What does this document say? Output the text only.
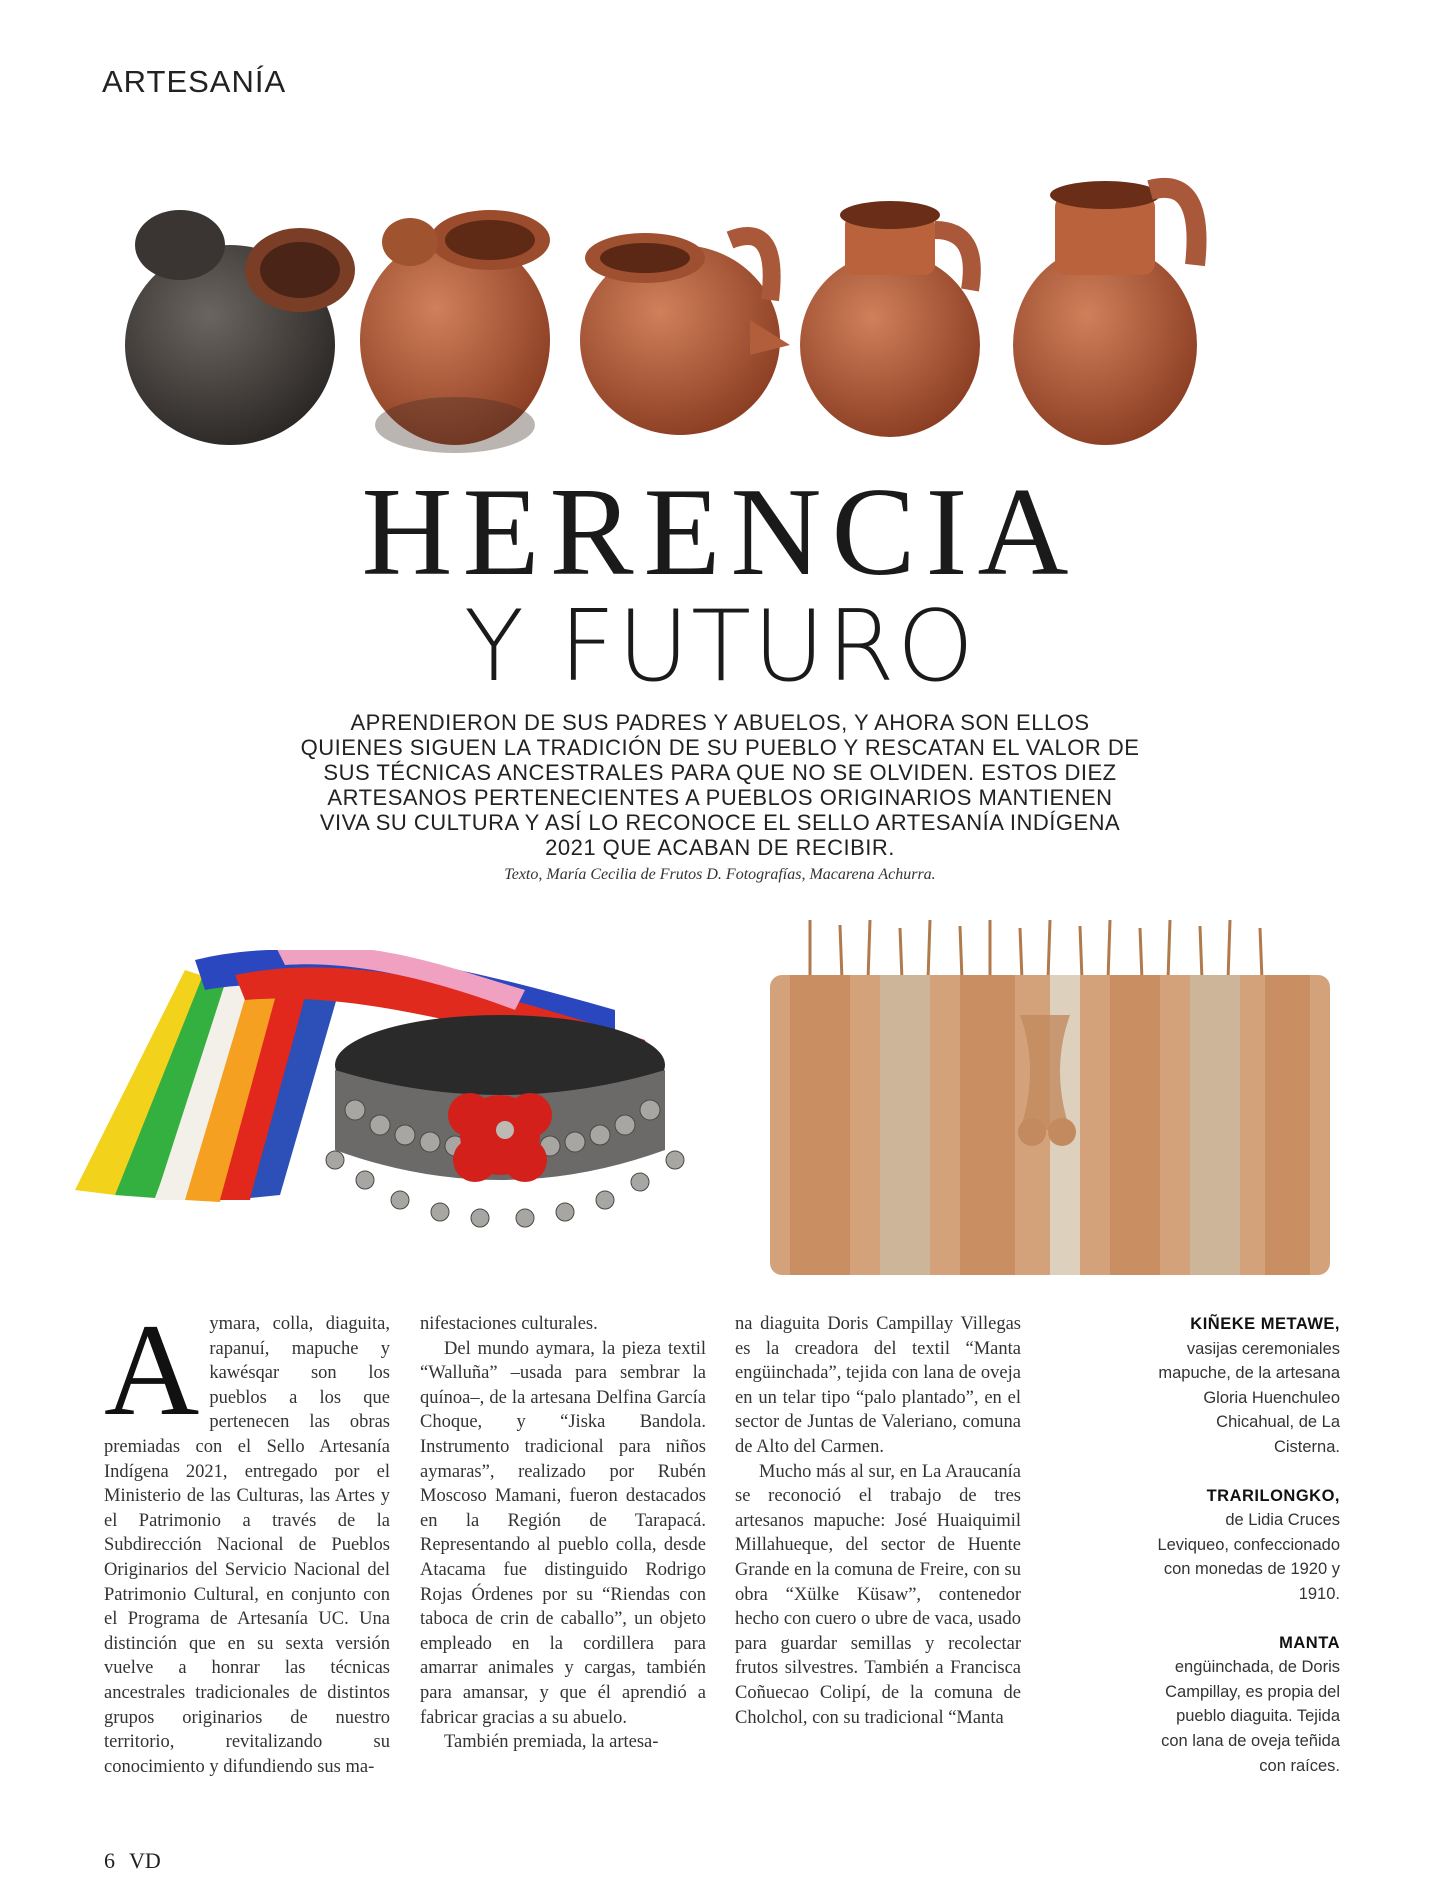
ARTESANÍA
HERENCIA
Y FUTURO
APRENDIERON DE SUS PADRES Y ABUELOS, Y AHORA SON ELLOS QUIENES SIGUEN LA TRADICIÓN DE SU PUEBLO Y RESCATAN EL VALOR DE SUS TÉCNICAS ANCESTRALES PARA QUE NO SE OLVIDEN. ESTOS DIEZ ARTESANOS PERTENECIENTES A PUEBLOS ORIGINARIOS MANTIENEN VIVA SU CULTURA Y ASÍ LO RECONOCE EL SELLO ARTESANÍA INDÍGENA 2021 QUE ACABAN DE RECIBIR.
Texto, María Cecilia de Frutos D. Fotografías, Macarena Achurra.
A ymara, colla, diaguita, rapanuí, mapuche y kawésqar son los pueblos a los que pertenecen las obras premiadas con el Sello Artesanía Indígena 2021, entregado por el Ministerio de las Culturas, las Artes y el Patrimonio a través de la Subdirección Nacional de Pueblos Originarios del Servicio Nacional del Patrimonio Cultural, en conjunto con el Programa de Artesanía UC. Una distinción que en su sexta versión vuelve a honrar las técnicas ancestrales tradicionales de distintos grupos originarios de nuestro territorio, revitalizando su conocimiento y difundiendo sus ma-

nifestaciones culturales.

Del mundo aymara, la pieza textil “Walluña” –usada para sembrar la quínoa–, de la artesana Delfina García Choque, y “Jiska Bandola. Instrumento tradicional para niños aymaras”, realizado por Rubén Moscoso Mamani, fueron destacados en la Región de Tarapacá. Representando al pueblo colla, desde Atacama fue distinguido Rodrigo Rojas Órdenes por su “Riendas con taboca de crin de caballo”, un objeto empleado en la cordillera para amarrar animales y cargas, también para amansar, y que él aprendió a fabricar gracias a su abuelo.

También premiada, la artesa-

na diaguita Doris Campillay Villegas es la creadora del textil “Manta engüinchada”, tejida con lana de oveja en un telar tipo “palo plantado”, en el sector de Juntas de Valeriano, comuna de Alto del Carmen.

Mucho más al sur, en La Araucanía se reconoció el trabajo de tres artesanos mapuche: José Huaiquimil Millahueque, del sector de Huente Grande en la comuna de Freire, con su obra “Xülke Küsaw”, contenedor hecho con cuero o ubre de vaca, usado para guardar semillas y recolectar frutos silvestres. También a Francisca Coñuecao Colipí, de la comuna de Cholchol, con su tradicional “Manta

KIÑEKE METAWE,
vasijas ceremoniales mapuche, de la artesana Gloria Huenchuleo Chicahual, de La Cisterna.
TRARILONGKO,
de Lidia Cruces Leviqueo, confeccionado con monedas de 1920 y 1910.
MANTA
engüinchada, de Doris Campillay, es propia del pueblo diaguita. Tejida con lana de oveja teñida con raíces.
6 VD
